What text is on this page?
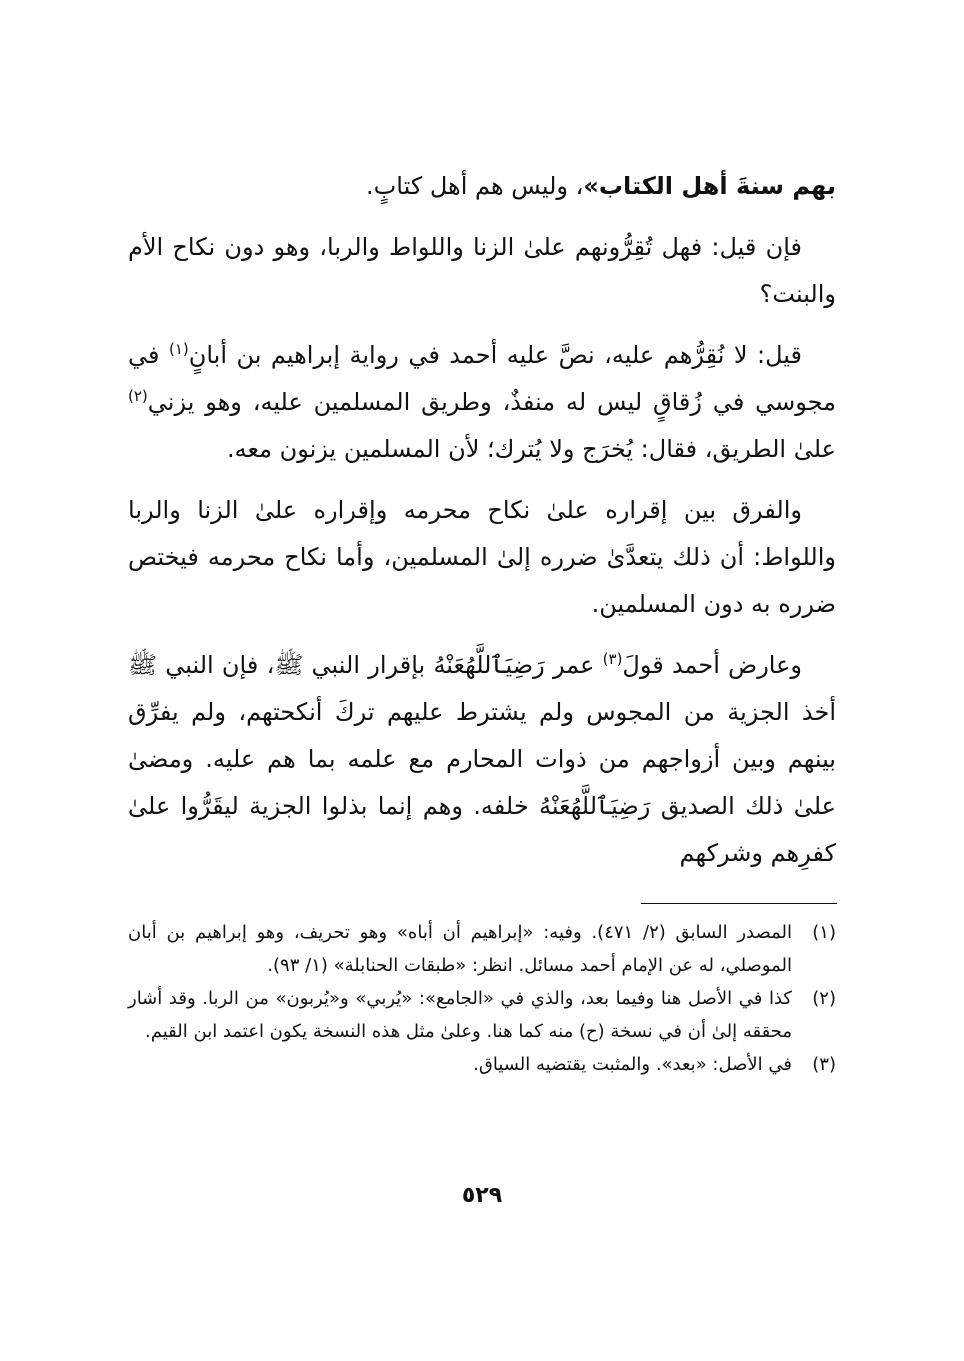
بهم سنةَ أهل الكتاب»، وليس هم أهل كتابٍ.

فإن قيل: فهل تُقِرُّونهم علىٰ الزنا واللواط والربا، وهو دون نكاح الأم والبنت؟

قيل: لا نُقِرُّهم عليه، نصَّ عليه أحمد في رواية إبراهيم بن أبانٍ$^{(١)}$ في مجوسي في زُقاقٍ ليس له منفذٌ، وطريق المسلمين عليه، وهو يزني$^{(٢)}$ علىٰ الطريق، فقال: يُخرَج ولا يُترك؛ لأن المسلمين يزنون معه.

والفرق بين إقراره علىٰ نكاح محرمه وإقراره علىٰ الزنا والربا واللواط: أن ذلك يتعدَّىٰ ضرره إلىٰ المسلمين، وأما نكاح محرمه فيختص ضرره به دون المسلمين.

وعارض أحمد قولَ$^{(٣)}$ عمر رَضِيَٱللَّهُعَنْهُ بإقرار النبي ﷺ، فإن النبي ﷺ أخذ الجزية من المجوس ولم يشترط عليهم تركَ أنكحتهم، ولم يفرِّق بينهم وبين أزواجهم من ذوات المحارم مع علمه بما هم عليه. ومضىٰ علىٰ ذلك الصديق رَضِيَٱللَّهُعَنْهُ خلفه. وهم إنما بذلوا الجزية ليقَرُّوا علىٰ كفرِهم وشركهم

(١)
المصدر السابق (٢/ ٤٧١). وفيه: «إبراهيم أن أباه» وهو تحريف، وهو إبراهيم بن أبان الموصلي، له عن الإمام أحمد مسائل. انظر: «طبقات الحنابلة» (١/ ٩٣).
(٢)
كذا في الأصل هنا وفيما بعد، والذي في «الجامع»: «يُربي» و«يُربون» من الربا. وقد أشار محققه إلىٰ أن في نسخة (ح) منه كما هنا. وعلىٰ مثل هذه النسخة يكون اعتمد ابن القيم.
(٣)
في الأصل: «بعد». والمثبت يقتضيه السياق.
٥٢٩
